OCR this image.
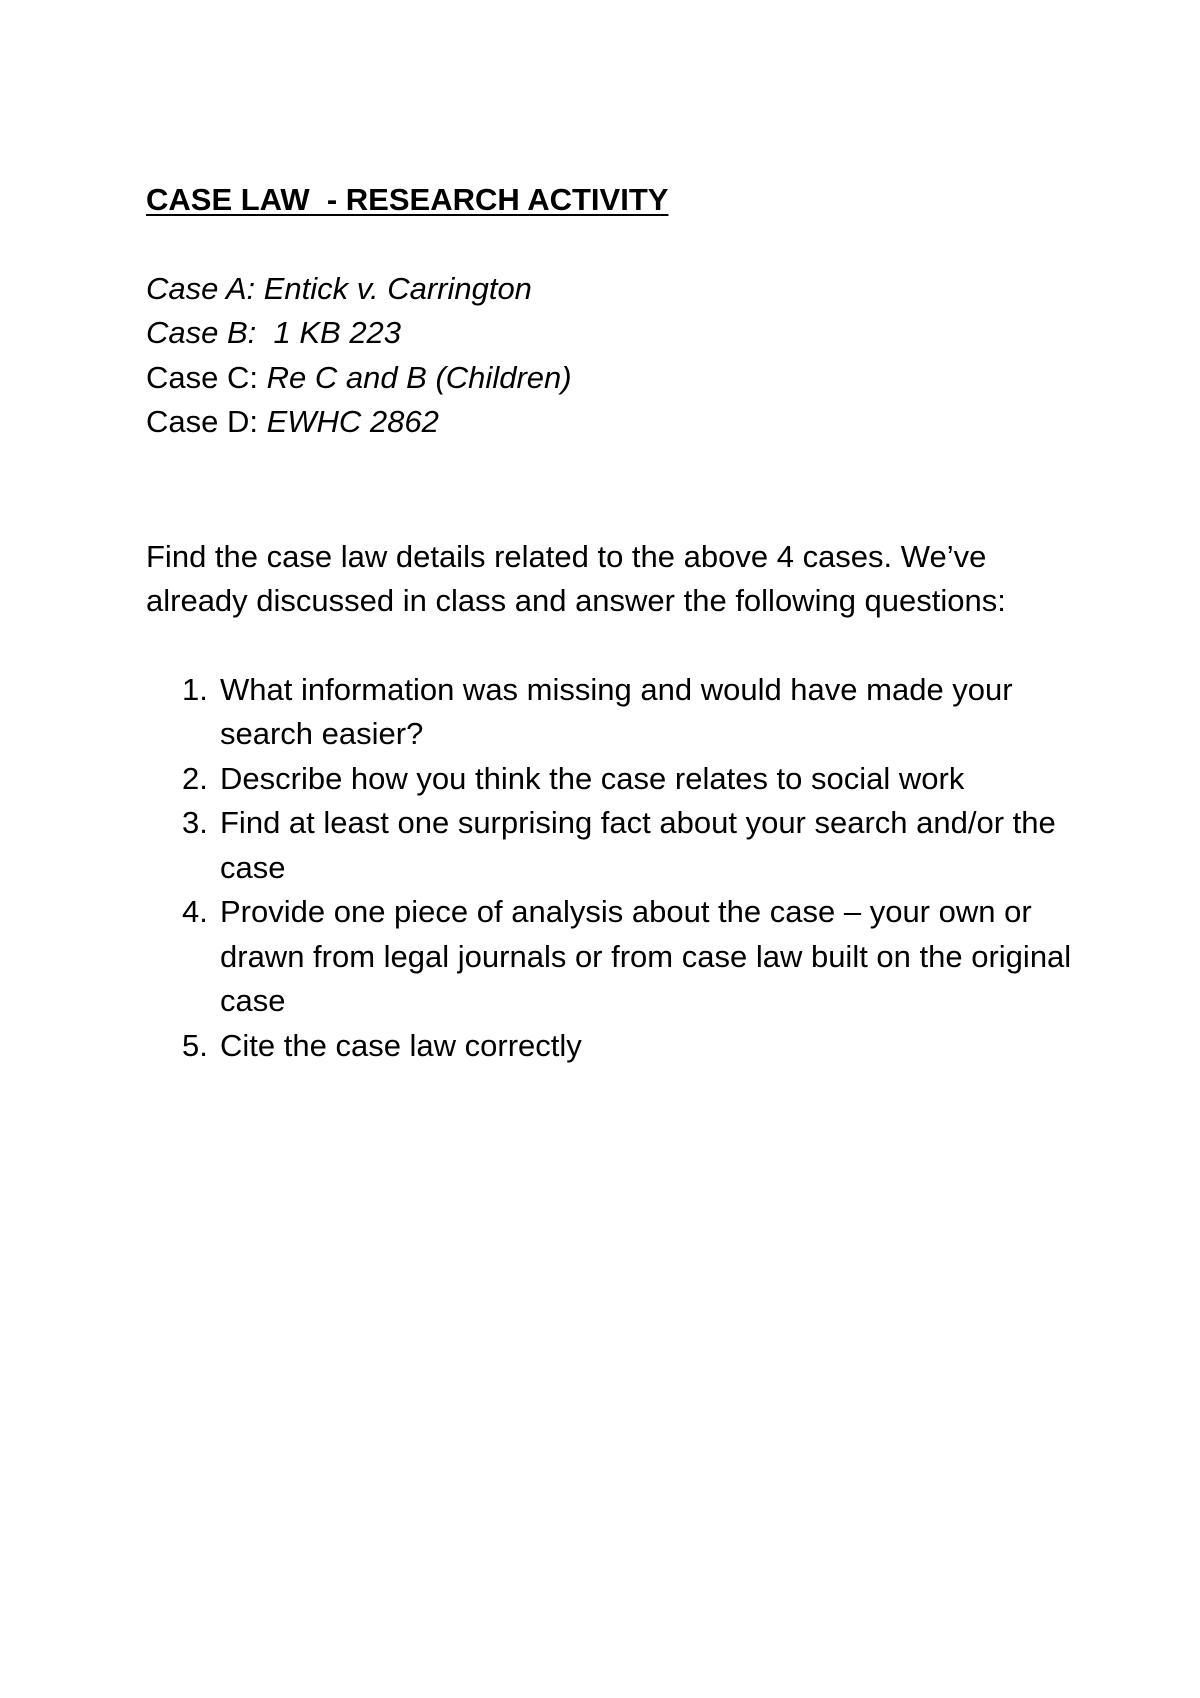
CASE LAW  - RESEARCH ACTIVITY
Case A: Entick v. Carrington
Case B:  1 KB 223
Case C: Re C and B (Children)
Case D: EWHC 2862

Find the case law details related to the above 4 cases. We’ve already discussed in class and answer the following questions:

1. What information was missing and would have made your search easier?
2. Describe how you think the case relates to social work
3. Find at least one surprising fact about your search and/or the case
4. Provide one piece of analysis about the case – your own or drawn from legal journals or from case law built on the original case
5. Cite the case law correctly
